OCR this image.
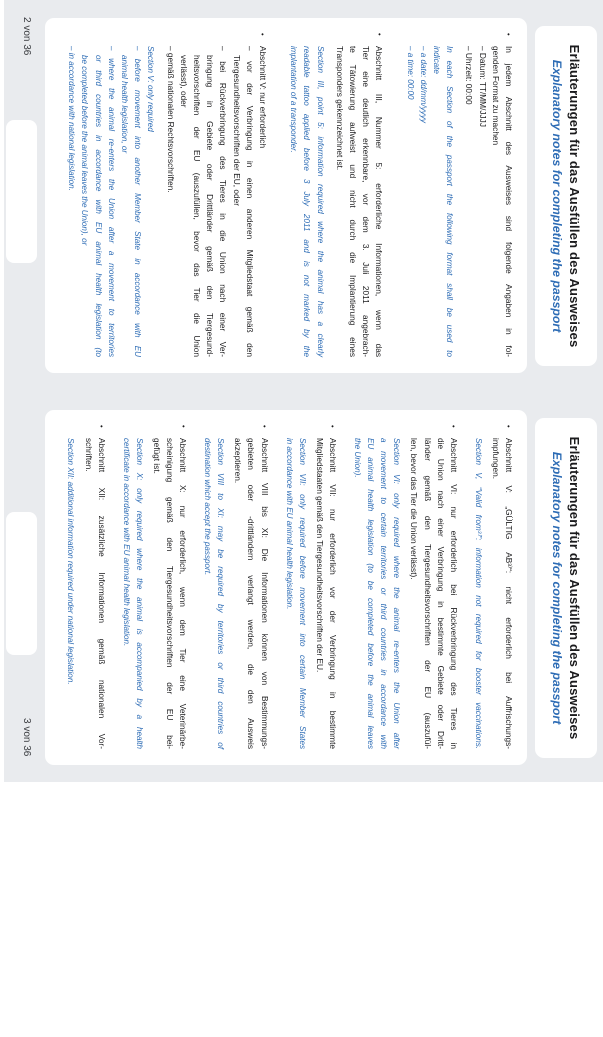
Erläuterungen für das Ausfüllen des Ausweises
Explanatory notes for completing the passport
•
In jedem Abschnitt des Ausweises sind folgende Angaben in fol-
genden Format zu machen
– Datum: TT/MM/JJJJ
– Uhrzeit: 00:00
In each Section of the passport the following format shall be used to
indicate
– a date: dd/mm/yyyy
– a time: 00:00
•
Abschnitt III, Nummer 5: erforderliche Informationen, wenn das
Tier eine deutlich erkennbare, vor dem 3. Juli 2011 angebrach-
te Tätowierung aufweist und nicht durch die Implantierung eines
Transponders gekennzeichnet ist.
Section III, point 5: information required where the animal has a clearly
readable tattoo applied before 3 July 2011 and is not marked by the
implantation of a transponder.
•
Abschnitt V: nur erforderlich
– vor der Verbringung in einen anderen Mitgliedstaat gemäß den
Tiergesundheitsvorschriften der EU, oder
– bei Rückverbringung des Tieres in die Union nach einer Ver-
bringung in Gebiete oder Drittländer gemäß den Tiergesund-
heitsvorschriften der EU (auszufüllen, bevor das Tier die Union
verlässt), oder
– gemäß nationalen Rechtsvorschriften.
Section V: only required
– before movement into another Member State in accordance with EU
animal health legislation, or
– where the animal re-enters the Union after a movement to territories
or third countries in accordance with EU animal health legislation (to
be completed before the animal leaves the Union), or
– in accordance with national legislation.
2 von 36
Erläuterungen für das Ausfüllen des Ausweises
Explanatory notes for completing the passport
•
Abschnitt V: „GÜLTIG AB³⁾“: nicht erforderlich bei Auffrischungs-
impfungen.
Section V, “Valid from³⁾”: information not required for booster vaccinations.
•
Abschnitt VI: nur erforderlich bei Rückverbringung des Tieres in
die Union nach einer Verbringung in bestimmte Gebiete oder Dritt-
länder gemäß den Tiergesundheitsvorschriften der EU (auszufül-
len, bevor das Tier die Union verlässt).
Section VI: only required where the animal re-enters the Union after
a movement to certain territories or third countries in accordance with
EU animal health legislation (to be completed before the animal leaves
the Union).
•
Abschnitt VII: nur erforderlich vor der Verbringung in bestimmte
Mitgliedstaaten gemäß den Tiergesundheitsvorschriften der EU.
Section VII: only required before movement into certain Member States
in accordance with EU animal health legislation.
•
Abschnitt VIII bis XI: Die Informationen können von Bestimmungs-
gebieten oder -drittländern verlangt werden, die den Ausweis
akzeptieren.
Section VIII to XI: may be required by territories or third countries of
destination which accept the passport.
•
Abschnitt X: nur erforderlich, wenn dem Tier eine Veterinärbe-
scheinigung gemäß den Tiergesundheitsvorschriften der EU bei-
gefügt ist.
Section X: only required where the animal is accompanied by a health
certificate in accordance with EU animal health legislation.
•
Abschnitt XII: zusätzliche Informationen gemäß nationalen Vor-
schriften.
Section XII: additional information required under national legislation.
3 von 36
